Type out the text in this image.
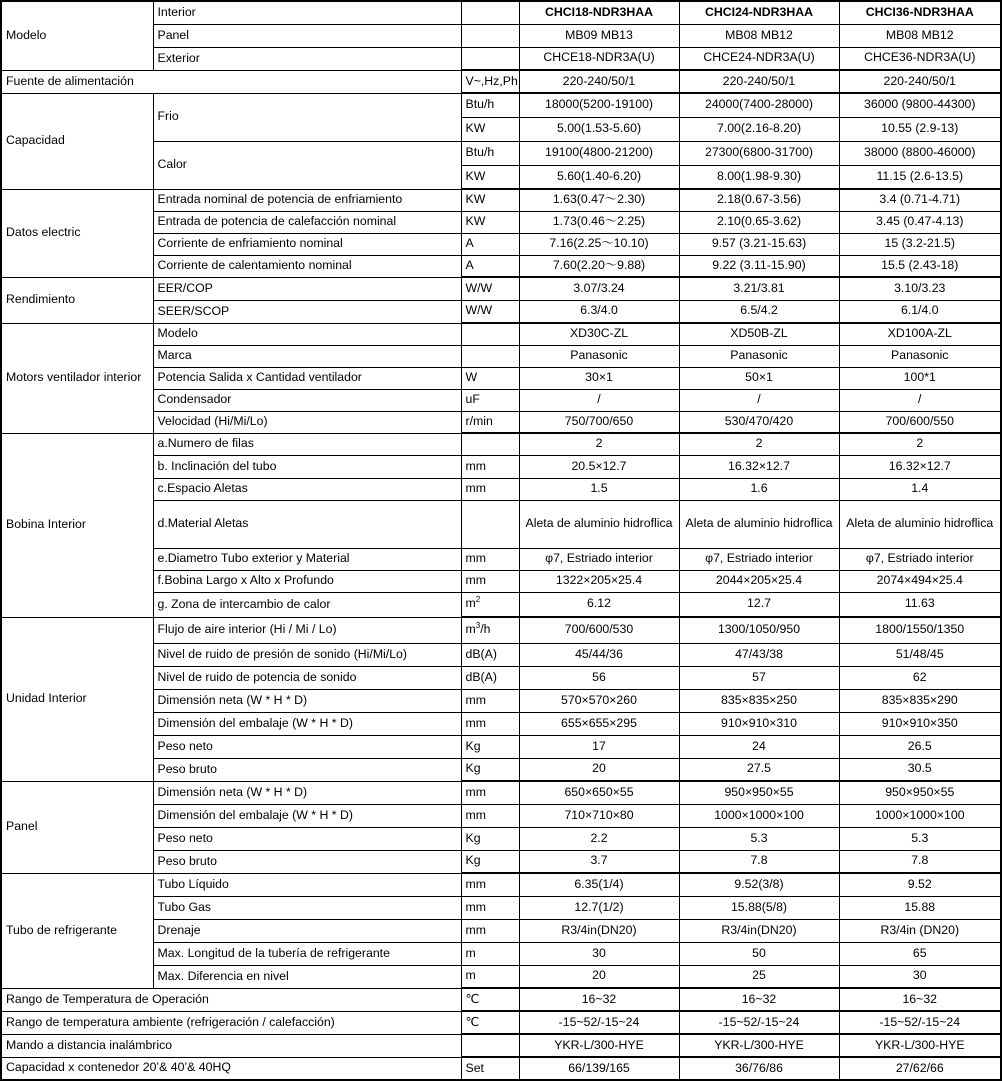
Modelo	Interior		CHCI18-NDR3HAA	CHCI24-NDR3HAA	CHCI36-NDR3HAA
	Panel		MB09 MB13	MB08 MB12	MB08 MB12
	Exterior		CHCE18-NDR3A(U)	CHCE24-NDR3A(U)	CHCE36-NDR3A(U)
Fuente de alimentación		V~,Hz,Ph	220-240/50/1	220-240/50/1	220-240/50/1
Capacidad	Frio	Btu/h	18000(5200-19100)	24000(7400-28000)	36000 (9800-44300)
		KW	5.00(1.53-5.60)	7.00(2.16-8.20)	10.55 (2.9-13)
	Calor	Btu/h	19100(4800-21200)	27300(6800-31700)	38000 (8800-46000)
		KW	5.60(1.40-6.20)	8.00(1.98-9.30)	11.15 (2.6-13.5)
Datos electric	Entrada nominal de potencia de enfriamiento	KW	1.63(0.47～2.30)	2.18(0.67-3.56)	3.4 (0.71-4.71)
	Entrada de potencia de calefacción nominal	KW	1.73(0.46～2.25)	2.10(0.65-3.62)	3.45 (0.47-4.13)
	Corriente de enfriamiento nominal	A	7.16(2.25～10.10)	9.57 (3.21-15.63)	15 (3.2-21.5)
	Corriente de calentamiento nominal	A	7.60(2.20～9.88)	9.22 (3.11-15.90)	15.5 (2.43-18)
Rendimiento	EER/COP	W/W	3.07/3.24	3.21/3.81	3.10/3.23
	SEER/SCOP	W/W	6.3/4.0	6.5/4.2	6.1/4.0
Motors ventilador interior	Modelo		XD30C-ZL	XD50B-ZL	XD100A-ZL
	Marca		Panasonic	Panasonic	Panasonic
	Potencia Salida x Cantidad ventilador	W	30×1	50×1	100*1
	Condensador	uF	/	/	/
	Velocidad (Hi/Mi/Lo)	r/min	750/700/650	530/470/420	700/600/550
Bobina Interior	a.Numero de filas		2	2	2
	b. Inclinación del tubo	mm	20.5×12.7	16.32×12.7	16.32×12.7
	c.Espacio Aletas	mm	1.5	1.6	1.4
	d.Material Aletas		Aleta de aluminio hidroflica	Aleta de aluminio hidroflica	Aleta de aluminio hidroflica
	e.Diametro Tubo exterior y Material	mm	φ7, Estriado interior	φ7, Estriado interior	φ7, Estriado interior
	f.Bobina Largo x Alto x Profundo	mm	1322×205×25.4	2044×205×25.4	2074×494×25.4
	g. Zona de intercambio de calor	$m^2$	6.12	12.7	11.63
Unidad Interior	Flujo de aire interior (Hi / Mi / Lo)	$m^3/h$	700/600/530	1300/1050/950	1800/1550/1350
	Nivel de ruido de presión de sonido (Hi/Mi/Lo)	dB(A)	45/44/36	47/43/38	51/48/45
	Nivel de ruido de potencia de sonido	dB(A)	56	57	62
	Dimensión neta (W * H * D)	mm	570×570×260	835×835×250	835×835×290
	Dimensión del embalaje (W * H * D)	mm	655×655×295	910×910×310	910×910×350
	Peso neto	Kg	17	24	26.5
	Peso bruto	Kg	20	27.5	30.5
Panel	Dimensión neta (W * H * D)	mm	650×650×55	950×950×55	950×950×55
	Dimensión del embalaje (W * H * D)	mm	710×710×80	1000×1000×100	1000×1000×100
	Peso neto	Kg	2.2	5.3	5.3
	Peso bruto	Kg	3.7	7.8	7.8
Tubo de refrigerante	Tubo Líquido	mm	6.35(1/4)	9.52(3/8)	9.52
	Tubo Gas	mm	12.7(1/2)	15.88(5/8)	15.88
	Drenaje	mm	R3/4in(DN20)	R3/4in(DN20)	R3/4in (DN20)
	Max. Longitud de la tubería de refrigerante	m	30	50	65
	Max. Diferencia en nivel	m	20	25	30
Rango de Temperatura de Operación		℃	16~32	16~32	16~32
Rango de temperatura ambiente (refrigeración / calefacción)		℃	-15~52/-15~24	-15~52/-15~24	-15~52/-15~24
Mando a distancia inalámbrico			YKR-L/300-HYE	YKR-L/300-HYE	YKR-L/300-HYE
Capacidad x contenedor 20’& 40’& 40HQ		Set	66/139/165	36/76/86	27/62/66
